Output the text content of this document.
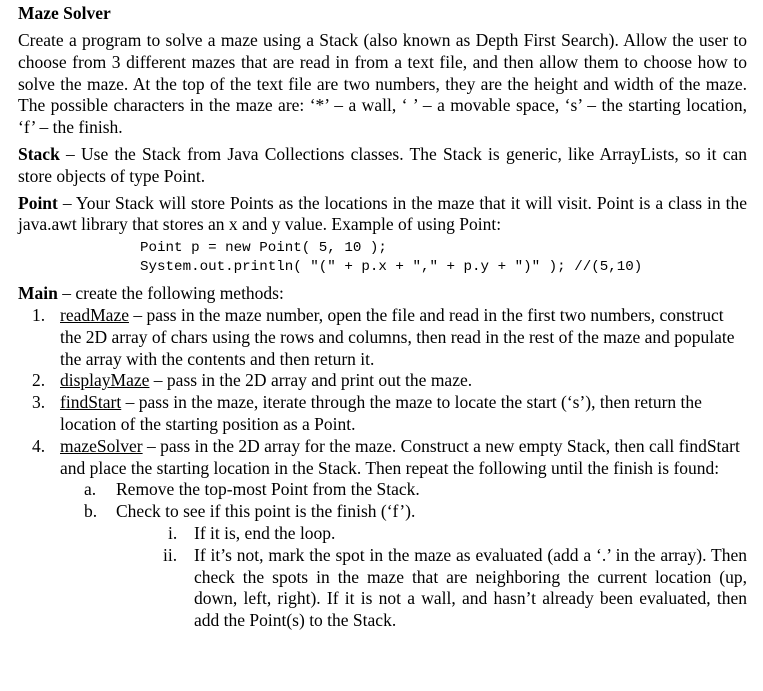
Maze Solver

Create a program to solve a maze using a Stack (also known as Depth First Search). Allow the user to choose from 3 different mazes that are read in from a text file, and then allow them to choose how to solve the maze. At the top of the text file are two numbers, they are the height and width of the maze. The possible characters in the maze are: ‘*’ – a wall, ‘ ’ – a movable space, ‘s’ – the starting location, ‘f’ – the finish.

Stack – Use the Stack from Java Collections classes. The Stack is generic, like ArrayLists, so it can store objects of type Point.

Point – Your Stack will store Points as the locations in the maze that it will visit. Point is a class in the java.awt library that stores an x and y value. Example of using Point:

Point p = new Point( 5, 10 );
System.out.println( "(" + p.x + "," + p.y + ")" ); //(5,10)

Main – create the following methods:

1. readMaze – pass in the maze number, open the file and read in the first two numbers, construct the 2D array of chars using the rows and columns, then read in the rest of the maze and populate the array with the contents and then return it.
2. displayMaze – pass in the 2D array and print out the maze.
3. findStart – pass in the maze, iterate through the maze to locate the start (‘s’), then return the location of the starting position as a Point.
4. mazeSolver – pass in the 2D array for the maze. Construct a new empty Stack, then call findStart and place the starting location in the Stack. Then repeat the following until the finish is found:
a.	Remove the top-most Point from the Stack.
b.	Check to see if this point is the finish (‘f’).
i. If it is, end the loop.
ii. If it’s not, mark the spot in the maze as evaluated (add a ‘.’ in the array). Then check the spots in the maze that are neighboring the current location (up, down, left, right). If it is not a wall, and hasn’t already been evaluated, then add the Point(s) to the Stack.
